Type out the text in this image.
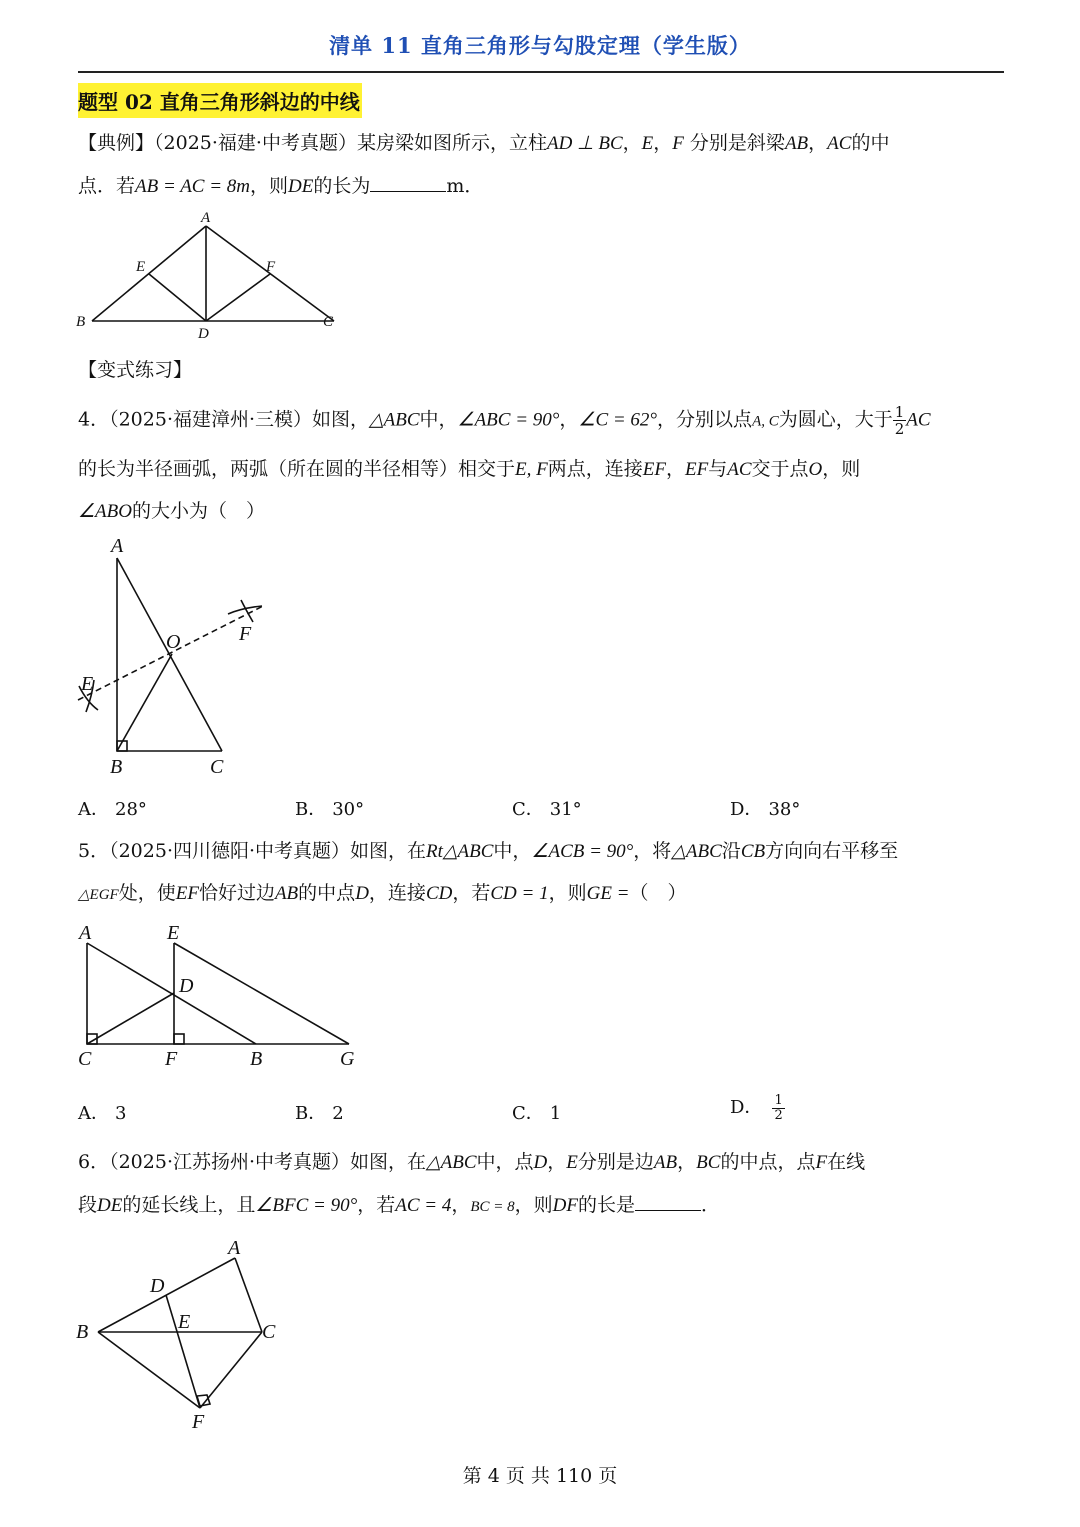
清单 11 直角三角形与勾股定理（学生版）
题型 02 直角三角形斜边的中线
【典例】（2025·福建·中考真题）某房梁如图所示，立柱AD ⊥ BC，E，F 分别是斜梁AB，AC的中
点．若AB = AC = 8m，则DE的长为	m．
A
B	C
D
E	F
【变式练习】
4．（2025·福建漳州·三模）如图，△ABC中，∠ABC = 90°，∠C = 62°，分别以点A, C为圆心，大于 $\frac{1}{2}$ AC
的长为半径画弧，两弧（所在圆的半径相等）相交于E, F两点，连接EF，EF与AC交于点O，则
∠ABO的大小为（　）
A
B	C
O
E
F
A． 28°	B． 30°	C． 31°	D． 38°
5．（2025·四川德阳·中考真题）如图，在Rt△ABC中，∠ACB = 90°，将△ABC沿CB方向向右平移至
△EGF处，使EF恰好过边AB的中点D，连接CD，若CD = 1，则GE =（　）
A	E
D
C	F	B	G
A． 3	B． 2	C． 1	D． $\frac{1}{2}$
6．（2025·江苏扬州·中考真题）如图，在△ABC中，点D，E分别是边AB，BC的中点，点F在线
段DE的延长线上，且∠BFC = 90°，若AC = 4，BC = 8，则DF的长是	．
A
B	C
D
E
F
第 4 页 共 110 页
